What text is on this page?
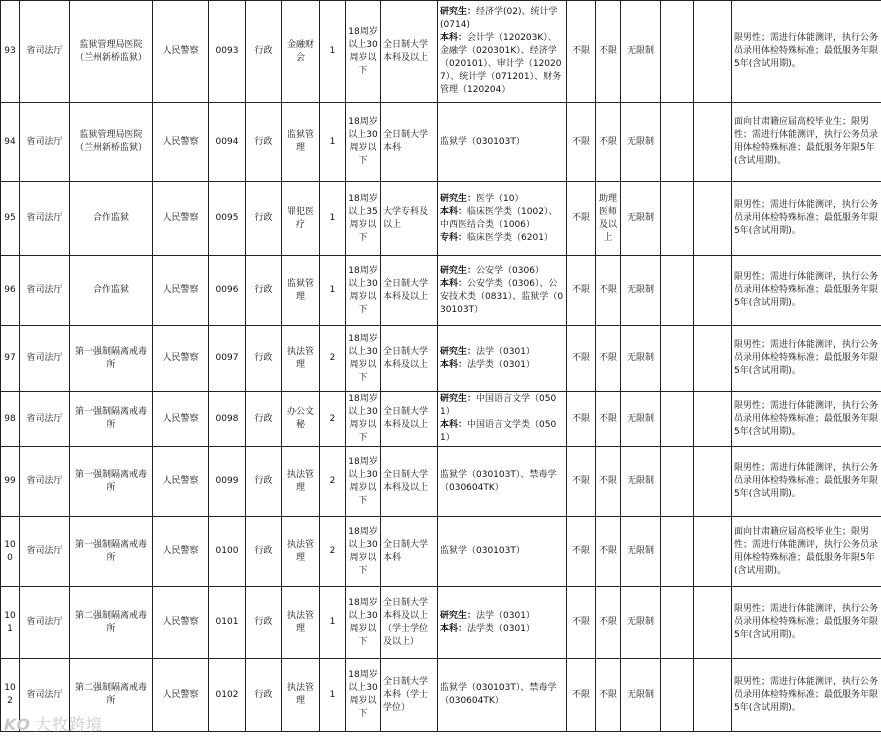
93	省司法厅	监狱管理局医院（兰州新桥监狱）	人民警察	0093	行政	金融财会	1	18周岁以上30周岁以下	全日制大学本科及以上	研究生：经济学(02)、统计学(0714)
本科：会计学（120203K）、金融学（020301K）、经济学（020101）、审计学（120207）、统计学（071201）、财务管理（120204）	不限	不限	无限制			限男性；需进行体能测评，执行公务员录用体检特殊标准；最低服务年限5年(含试用期)。
94	省司法厅	监狱管理局医院（兰州新桥监狱）	人民警察	0094	行政	监狱管理	1	18周岁以上30周岁以下	全日制大学本科	监狱学（030103T）	不限	不限	无限制			面向甘肃籍应届高校毕业生；限男性；需进行体能测评，执行公务员录用体检特殊标准；最低服务年限5年(含试用期)。
95	省司法厅	合作监狱	人民警察	0095	行政	罪犯医疗	1	18周岁以上35周岁以下	大学专科及以上	研究生：医学（10）
本科：临床医学类（1002）、中西医结合类（1006）
专科：临床医学类（6201）	不限	助理医师及以上	无限制			限男性；需进行体能测评，执行公务员录用体检特殊标准；最低服务年限5年(含试用期)。
96	省司法厅	合作监狱	人民警察	0096	行政	监狱管理	1	18周岁以上30周岁以下	全日制大学本科及以上	研究生：公安学（0306）
本科：公安学类（0306）、公安技术类（0831）、监狱学（030103T）	不限	不限	无限制			限男性；需进行体能测评，执行公务员录用体检特殊标准；最低服务年限5年(含试用期)。
97	省司法厅	第一强制隔离戒毒所	人民警察	0097	行政	执法管理	2	18周岁以上30周岁以下	全日制大学本科及以上	研究生：法学（0301）
本科：法学类（0301）	不限	不限	无限制			限男性；需进行体能测评，执行公务员录用体检特殊标准；最低服务年限5年(含试用期)。
98	省司法厅	第一强制隔离戒毒所	人民警察	0098	行政	办公文秘	2	18周岁以上30周岁以下	全日制大学本科及以上	研究生：中国语言文学（0501）
本科：中国语言文学类（0501）	不限	不限	无限制			限男性；需进行体能测评，执行公务员录用体检特殊标准；最低服务年限5年(含试用期)。
99	省司法厅	第一强制隔离戒毒所	人民警察	0099	行政	执法管理	2	18周岁以上30周岁以下	全日制大学本科及以上	监狱学（030103T）、禁毒学（030604TK）	不限	不限	无限制			限男性；需进行体能测评，执行公务员录用体检特殊标准；最低服务年限5年(含试用期)。
100	省司法厅	第一强制隔离戒毒所	人民警察	0100	行政	执法管理	2	18周岁以上30周岁以下	全日制大学本科	监狱学（030103T）	不限	不限	无限制			面向甘肃籍应届高校毕业生；限男性；需进行体能测评，执行公务员录用体检特殊标准；最低服务年限5年(含试用期)。
101	省司法厅	第二强制隔离戒毒所	人民警察	0101	行政	执法管理	1	18周岁以上30周岁以下	全日制大学本科及以上（学士学位及以上）	研究生：法学（0301）
本科：法学类（0301）	不限	不限	无限制			限男性；需进行体能测评，执行公务员录用体检特殊标准；最低服务年限5年(含试用期)。
102	省司法厅	第二强制隔离戒毒所	人民警察	0102	行政	执法管理	1	18周岁以上30周岁以下	全日制大学本科（学士学位）	监狱学（030103T）、禁毒学（030604TK）	不限	不限	无限制			限男性；需进行体能测评，执行公务员录用体检特殊标准；最低服务年限5年(含试用期)。
KO 大牧跨境
